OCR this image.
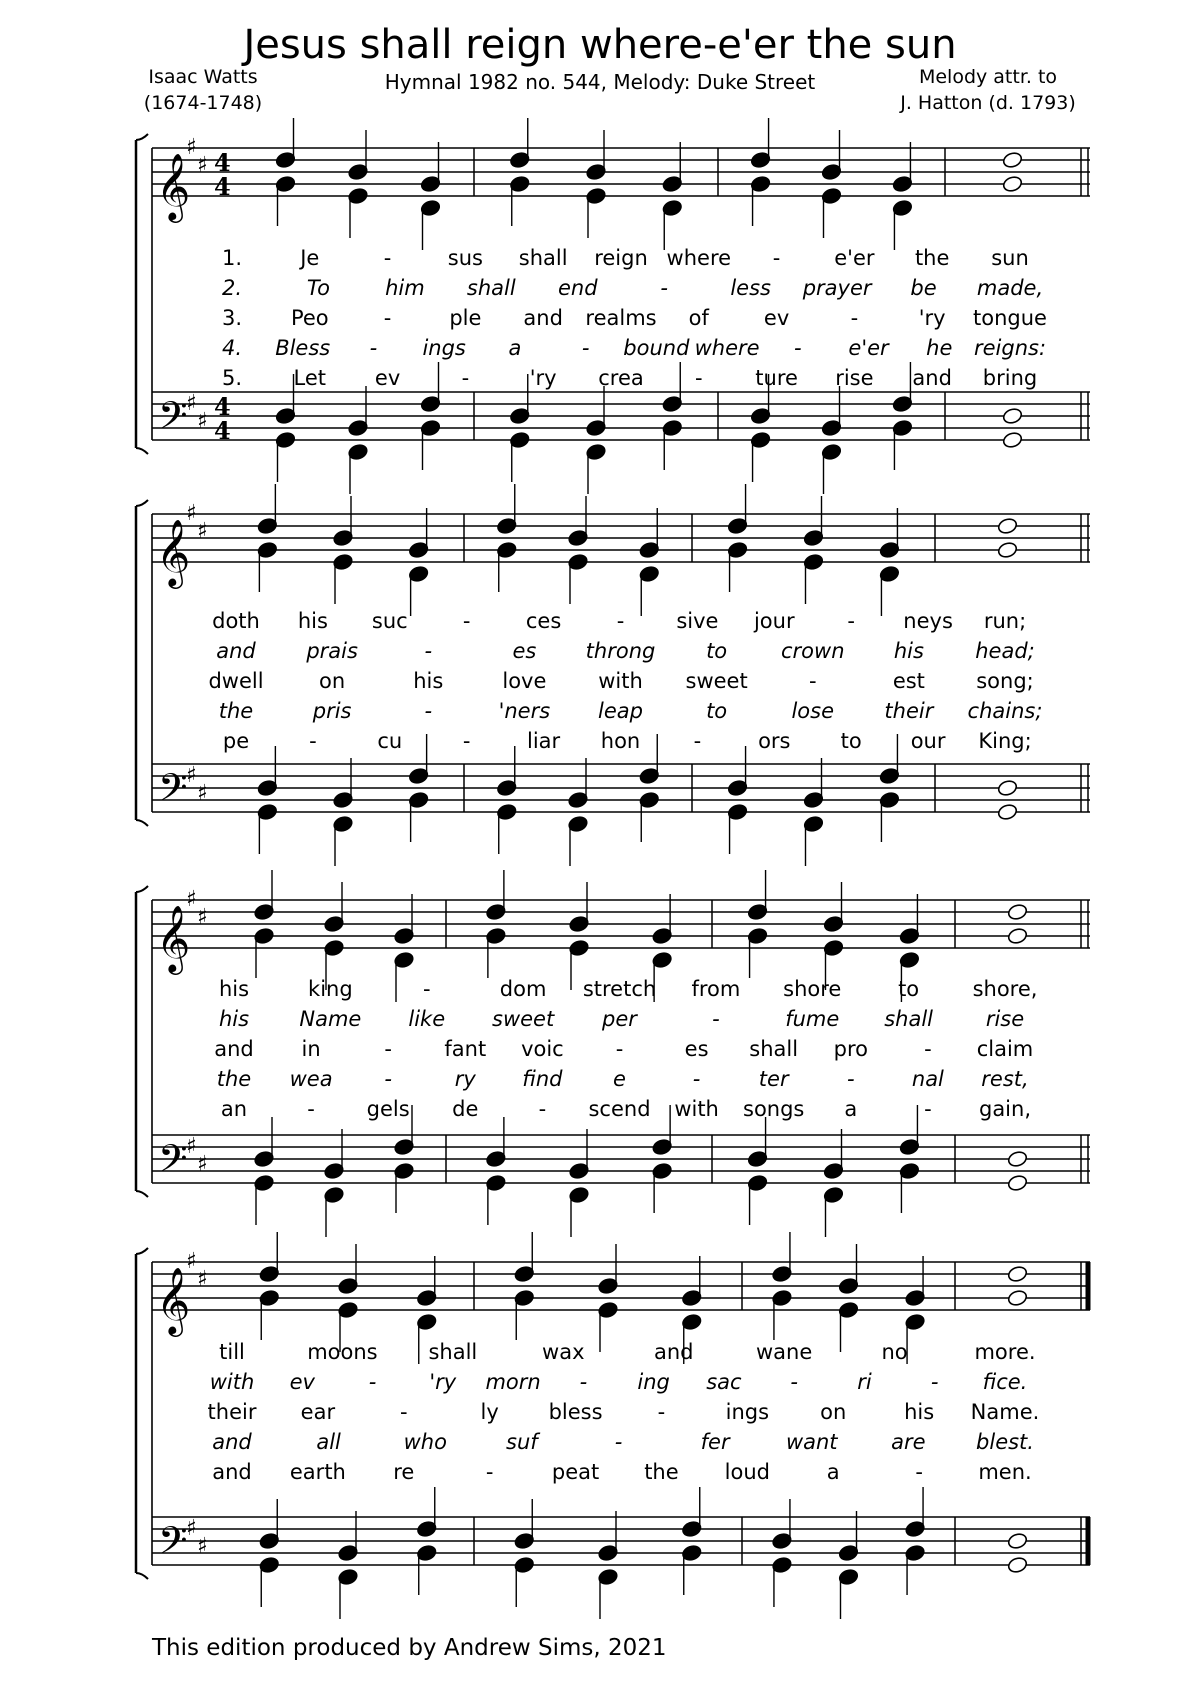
Jesus shall reign where-e'er the sun
Hymnal 1982 no. 544, Melody: Duke Street
Isaac Watts
(1674-1748)
Melody attr. to
J. Hatton (d. 1793)
𝄞
𝄢
♯
♯
♯
♯
4
4
4
4
𝄞
𝄢
♯
♯
♯
♯
𝄞
𝄢
♯
♯
♯
♯
𝄞
𝄢
♯
♯
♯
♯
1.	Je	-	sus shall reign where -	e'er the sun
2.	To	him shall end	-	less prayer be made,
3. Peo	-	ple and realms of	ev	-	'ry tongue
4. Bless - ings a	- bound where - e'er he reigns:
5. Let ev	-	'ry crea -	ture rise and bring
doth his suc	-	ces	- sive jour	- neys run;
and prais	-	es throng to	crown his head;
dwell	on	his	love with sweet	-	est song;
the	pris	-	'ners leap	to	lose their chains;
pe	-	cu	-	liar hon	-	ors to our King;
his	king	-	dom stretch from shore	to	shore,
his Name like sweet per	-	fume shall	rise
and in	- fant voic -	es shall pro	- claim
the wea -	ry find e	-	ter	-	nal rest,
an	- gels de	- scend with songs a	- gain,
till	moons shall	wax	and	wane	no	more.
with ev	-	'ry morn - ing sac -	ri	- fice.
their ear	-	ly bless	-	ings on	his Name.
and	all	who	suf	-	fer	want	are blest.
and earth re	-	peat the loud	a	-	men.
This edition produced by Andrew Sims, 2021
